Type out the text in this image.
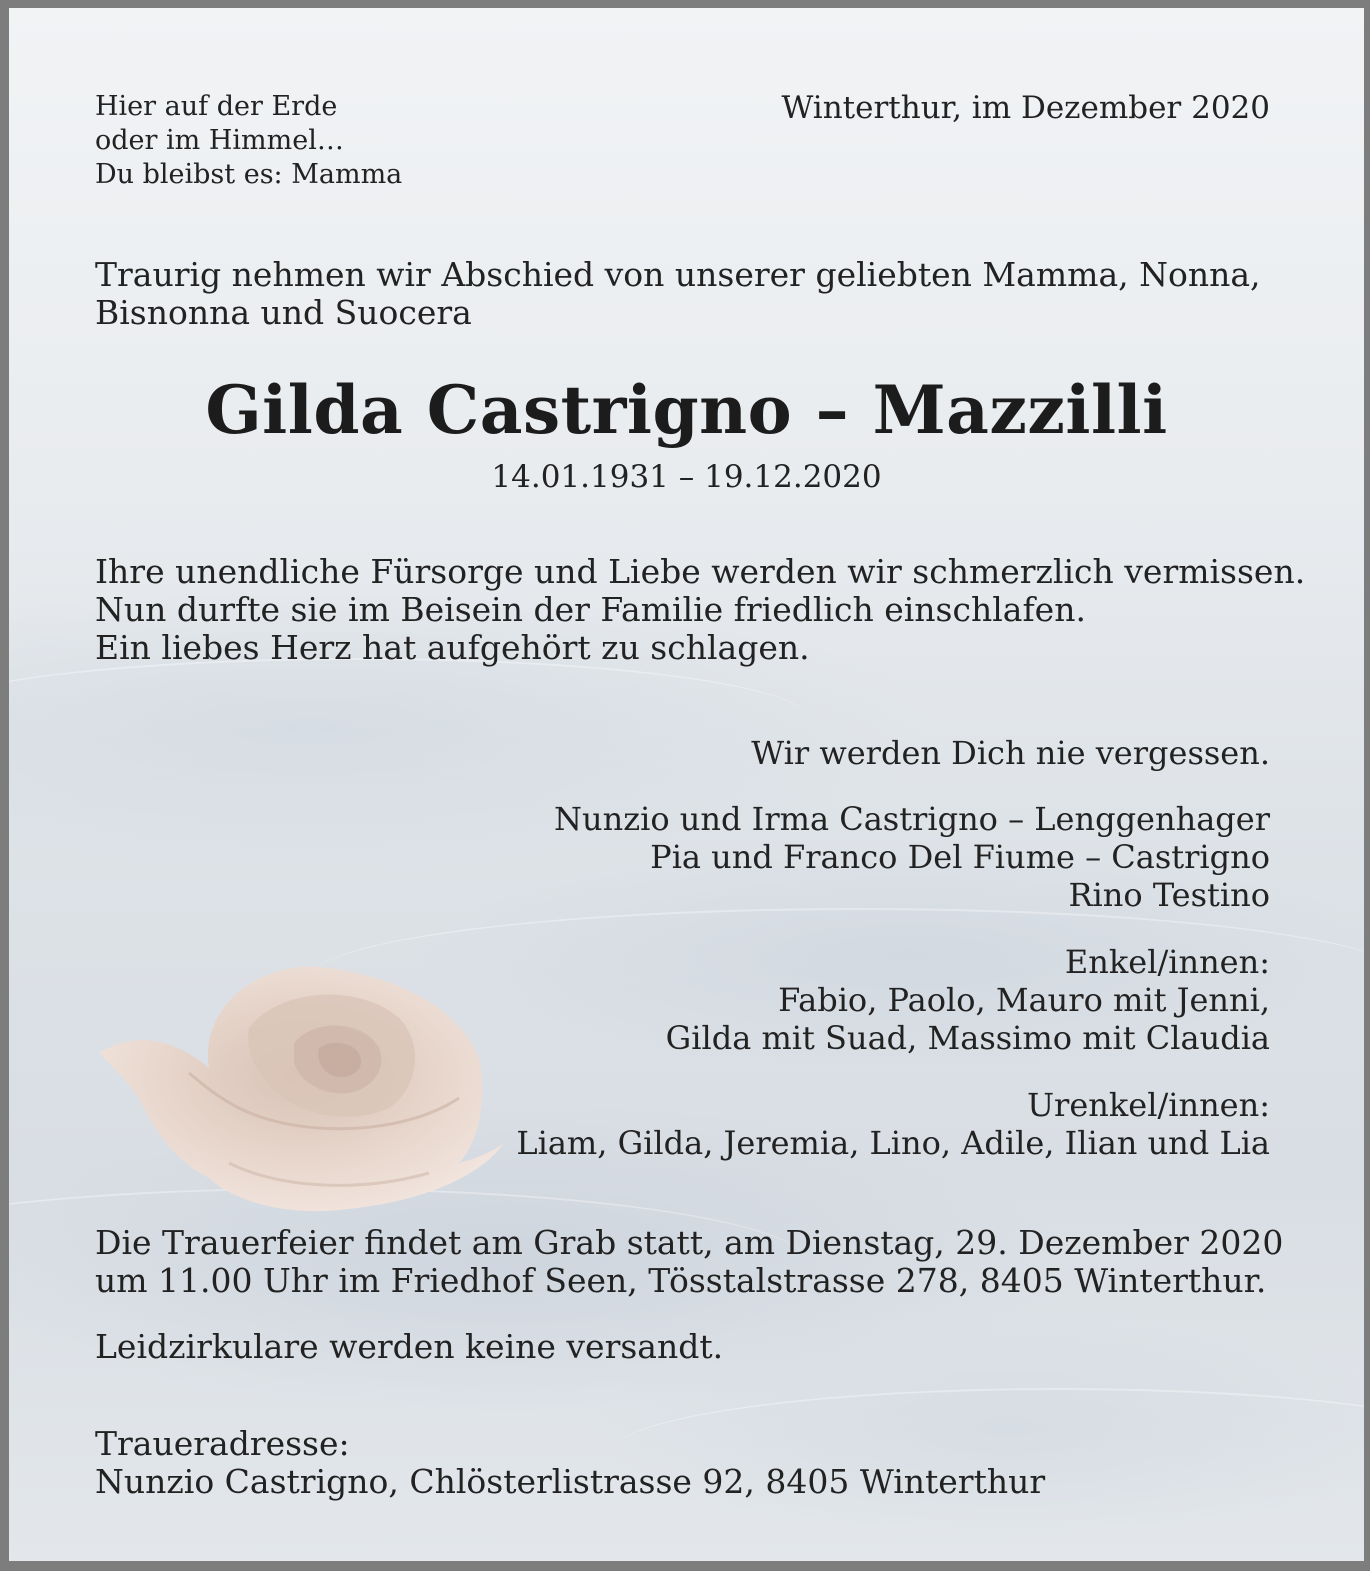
Hier auf der Erde
oder im Himmel…
Du bleibst es: Mamma
Winterthur, im Dezember 2020
Traurig nehmen wir Abschied von unserer geliebten Mamma, Nonna,
Bisnonna und Suocera
Gilda Castrigno – Mazzilli
14.01.1931 – 19.12.2020
Ihre unendliche Fürsorge und Liebe werden wir schmerzlich vermissen.
Nun durfte sie im Beisein der Familie friedlich einschlafen.
Ein liebes Herz hat aufgehört zu schlagen.
Wir werden Dich nie vergessen.
Nunzio und Irma Castrigno – Lenggenhager
Pia und Franco Del Fiume – Castrigno
Rino Testino
Enkel/innen:
Fabio, Paolo, Mauro mit Jenni,
Gilda mit Suad, Massimo mit Claudia
Urenkel/innen:
Liam, Gilda, Jeremia, Lino, Adile, Ilian und Lia
Die Trauerfeier findet am Grab statt, am Dienstag, 29. Dezember 2020
um 11.00 Uhr im Friedhof Seen, Tösstalstrasse 278, 8405 Winterthur.
Leidzirkulare werden keine versandt.
Traueradresse:
Nunzio Castrigno, Chlösterlistrasse 92, 8405 Winterthur
